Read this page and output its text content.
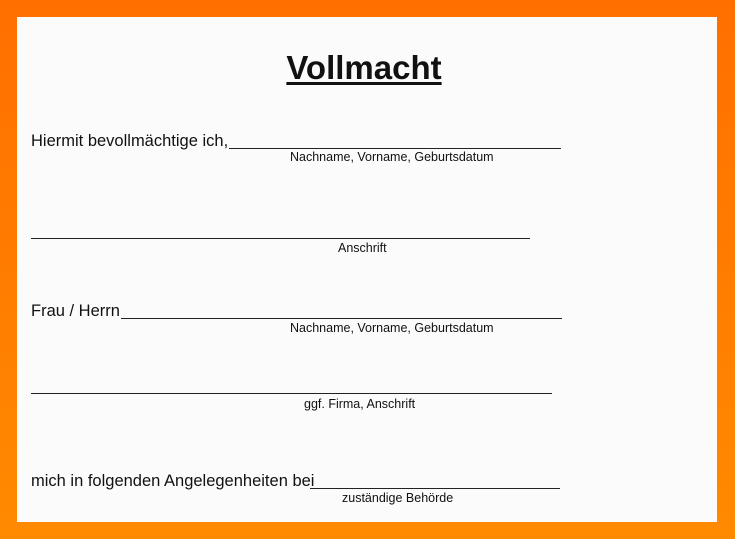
Vollmacht
Hiermit bevollmächtige ich,
Nachname, Vorname, Geburtsdatum
Anschrift
Frau / Herrn
Nachname, Vorname, Geburtsdatum
ggf. Firma, Anschrift
mich in folgenden Angelegenheiten bei
zuständige Behörde
